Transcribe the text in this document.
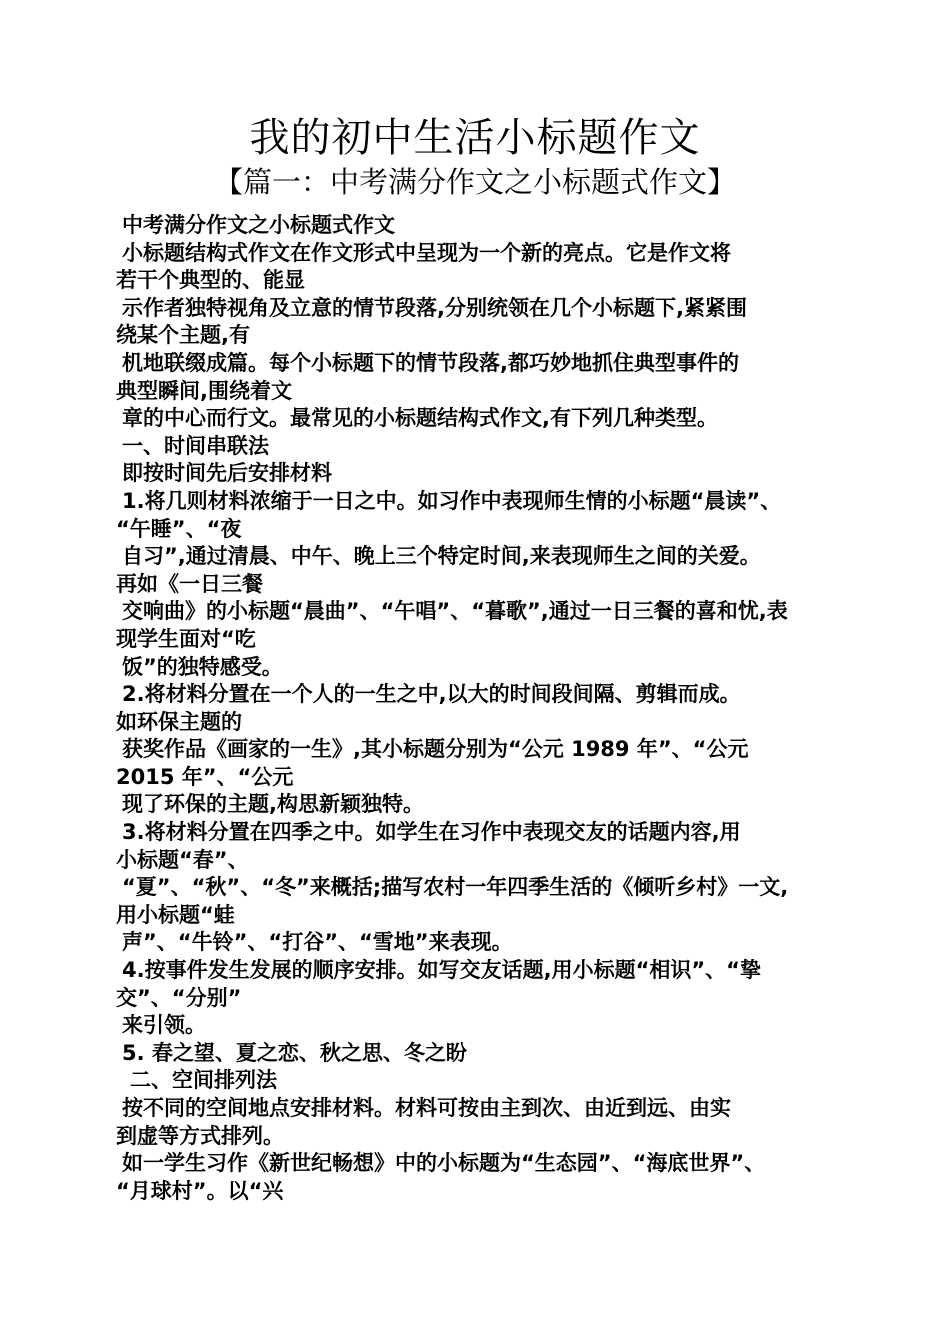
我的初中生活小标题作文
【篇一：中考满分作文之小标题式作文】
中考满分作文之小标题式作文
小标题结构式作文在作文形式中呈现为一个新的亮点。它是作文将
若干个典型的、能显
示作者独特视角及立意的情节段落,分别统领在几个小标题下,紧紧围
绕某个主题,有
机地联缀成篇。每个小标题下的情节段落,都巧妙地抓住典型事件的
典型瞬间,围绕着文
章的中心而行文。最常见的小标题结构式作文,有下列几种类型。
一、时间串联法
即按时间先后安排材料
1.将几则材料浓缩于一日之中。如习作中表现师生情的小标题“晨读”、
“午睡”、“夜
自习”,通过清晨、中午、晚上三个特定时间,来表现师生之间的关爱。
再如《一日三餐
交响曲》的小标题“晨曲”、“午唱”、“暮歌”,通过一日三餐的喜和忧,表
现学生面对“吃
饭”的独特感受。
2.将材料分置在一个人的一生之中,以大的时间段间隔、剪辑而成。
如环保主题的
获奖作品《画家的一生》,其小标题分别为“公元 1989 年”、“公元
2015 年”、“公元
现了环保的主题,构思新颖独特。
3.将材料分置在四季之中。如学生在习作中表现交友的话题内容,用
小标题“春”、
“夏”、“秋”、“冬”来概括;描写农村一年四季生活的《倾听乡村》一文,
用小标题“蛙
声”、“牛铃”、“打谷”、“雪地”来表现。
4.按事件发生发展的顺序安排。如写交友话题,用小标题“相识”、“挚
交”、“分别”
来引领。
5. 春之望、夏之恋、秋之思、冬之盼
二、空间排列法
按不同的空间地点安排材料。材料可按由主到次、由近到远、由实
到虚等方式排列。
如一学生习作《新世纪畅想》中的小标题为“生态园”、“海底世界”、
“月球村”。以“兴
